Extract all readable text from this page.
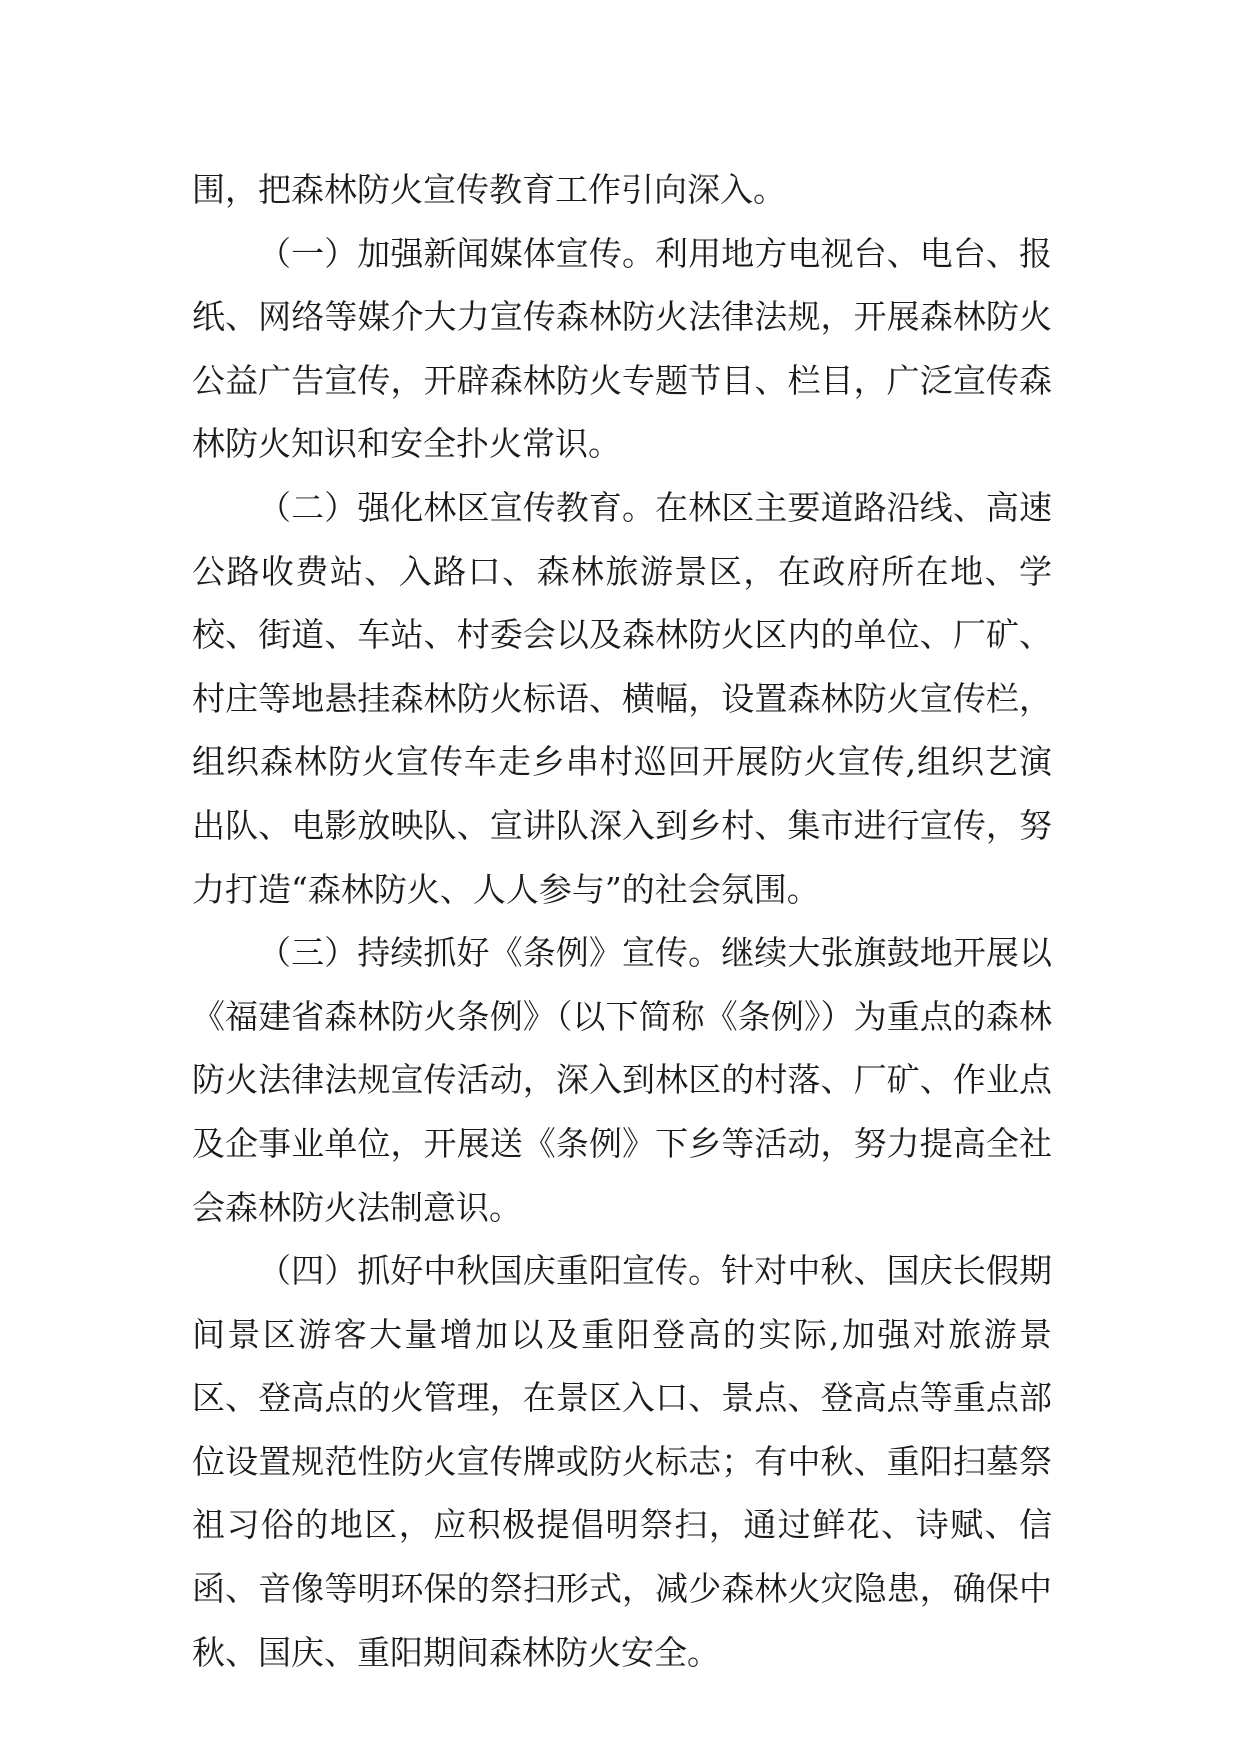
围，把森林防火宣传教育工作引向深入。

（一）加强新闻媒体宣传。利用地方电视台、电台、报纸、网络等媒介大力宣传森林防火法律法规，开展森林防火公益广告宣传，开辟森林防火专题节目、栏目，广泛宣传森林防火知识和安全扑火常识。

（二）强化林区宣传教育。在林区主要道路沿线、高速公路收费站、入路口、森林旅游景区，在政府所在地、学校、街道、车站、村委会以及森林防火区内的单位、厂矿、村庄等地悬挂森林防火标语、横幅，设置森林防火宣传栏，组织森林防火宣传车走乡串村巡回开展防火宣传,组织艺演出队、电影放映队、宣讲队深入到乡村、集市进行宣传，努力打造“森林防火、人人参与”的社会氛围。

（三）持续抓好《条例》宣传。继续大张旗鼓地开展以《福建省森林防火条例》（以下简称《条例》）为重点的森林防火法律法规宣传活动，深入到林区的村落、厂矿、作业点及企事业单位，开展送《条例》下乡等活动，努力提高全社会森林防火法制意识。

（四）抓好中秋国庆重阳宣传。针对中秋、国庆长假期间景区游客大量增加以及重阳登高的实际,加强对旅游景区、登高点的火管理，在景区入口、景点、登高点等重点部位设置规范性防火宣传牌或防火标志；有中秋、重阳扫墓祭祖习俗的地区，应积极提倡明祭扫，通过鲜花、诗赋、信函、音像等明环保的祭扫形式，减少森林火灾隐患，确保中秋、国庆、重阳期间森林防火安全。
